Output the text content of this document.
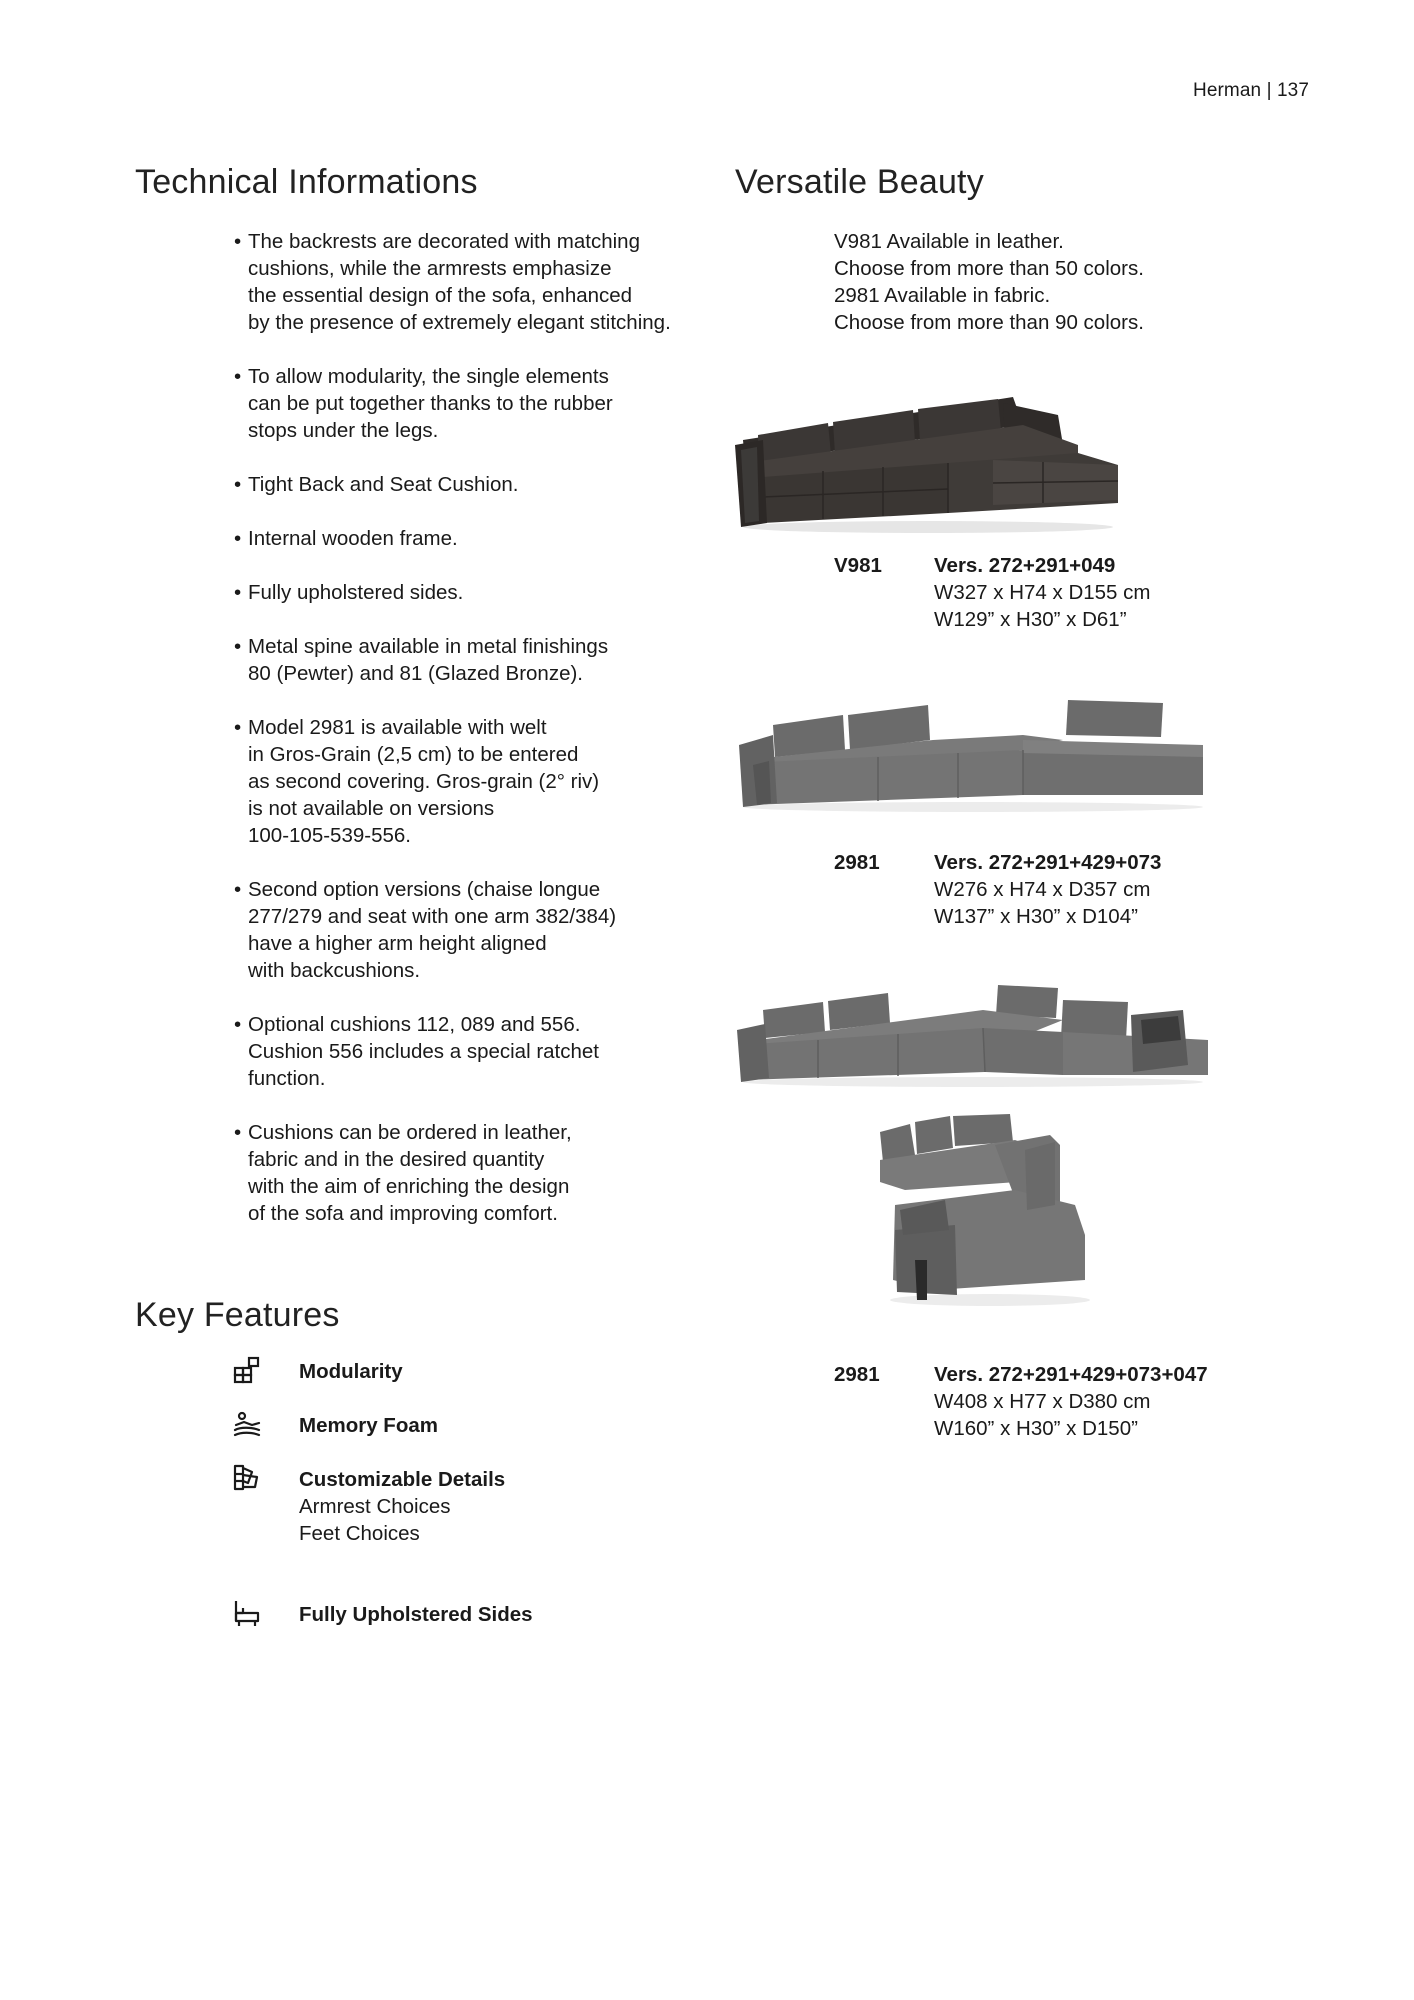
Herman | 137
Technical Informations	Versatile Beauty
Key Features
• The backrests are decorated with matching
cushions, while the armrests emphasize
the essential design of the sofa, enhanced
by the presence of extremely elegant stitching.
• To allow modularity, the single elements
can be put together thanks to the rubber
stops under the legs.
• Tight Back and Seat Cushion.
• Internal wooden frame.
• Fully upholstered sides.
• Metal spine available in metal finishings
80 (Pewter) and 81 (Glazed Bronze).
• Model 2981 is available with welt
in Gros-Grain (2,5 cm) to be entered
as second covering. Gros-grain (2° riv)
is not available on versions
100-105-539-556.
• Second option versions (chaise longue
277/279 and seat with one arm 382/384)
have a higher arm height aligned
with backcushions.
• Optional cushions 112, 089 and 556.
Cushion 556 includes a special ratchet
function.
• Cushions can be ordered in leather,
fabric and in the desired quantity
with the aim of enriching the design
of the sofa and improving comfort.
V981 Available in leather.
Choose from more than 50 colors.
2981 Available in fabric.
Choose from more than 90 colors.
V981	Vers. 272+291+049
W327 x H74 x D155 cm
W129” x H30” x D61”
2981	Vers. 272+291+429+073
W276 x H74 x D357 cm
W137” x H30” x D104”
2981	Vers. 272+291+429+073+047
W408 x H77 x D380 cm
W160” x H30” x D150”
Modularity
Memory Foam
Customizable Details
Armrest Choices
Feet Choices
Fully Upholstered Sides
